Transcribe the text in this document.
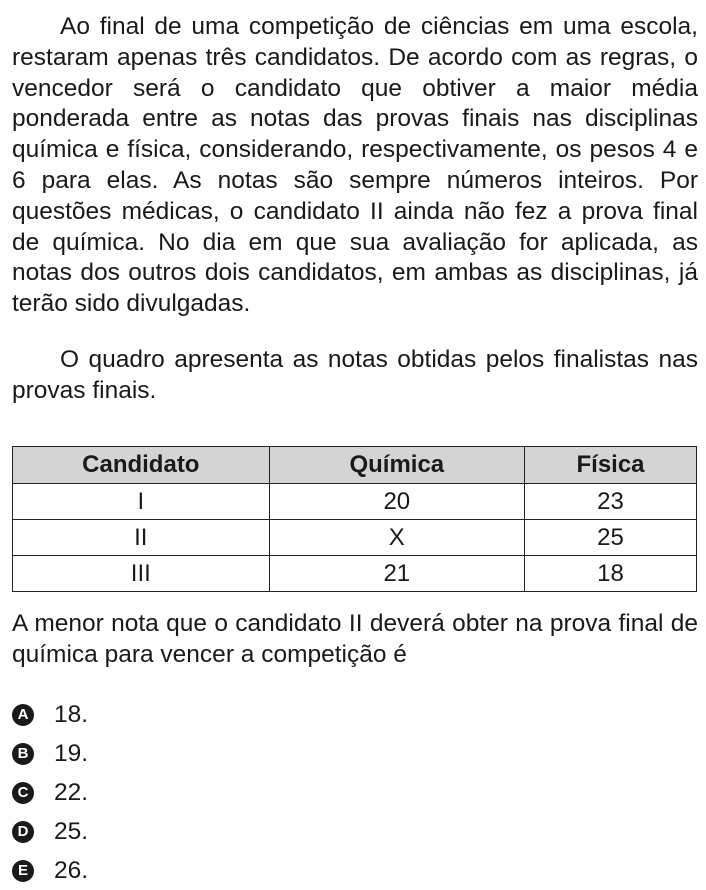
Ao final de uma competição de ciências em uma escola, restaram apenas três candidatos. De acordo com as regras, o vencedor será o candidato que obtiver a maior média ponderada entre as notas das provas finais nas disciplinas química e física, considerando, respectivamente, os pesos 4 e 6 para elas. As notas são sempre números inteiros. Por questões médicas, o candidato II ainda não fez a prova final de química. No dia em que sua avaliação for aplicada, as notas dos outros dois candidatos, em ambas as disciplinas, já terão sido divulgadas.

O quadro apresenta as notas obtidas pelos finalistas nas provas finais.

Candidato	Química	Física
I	20	23
II	X	25
III	21	18

A menor nota que o candidato II deverá obter na prova final de química para vencer a competição é

A 18.
B 19.
C 22.
D 25.
E 26.
